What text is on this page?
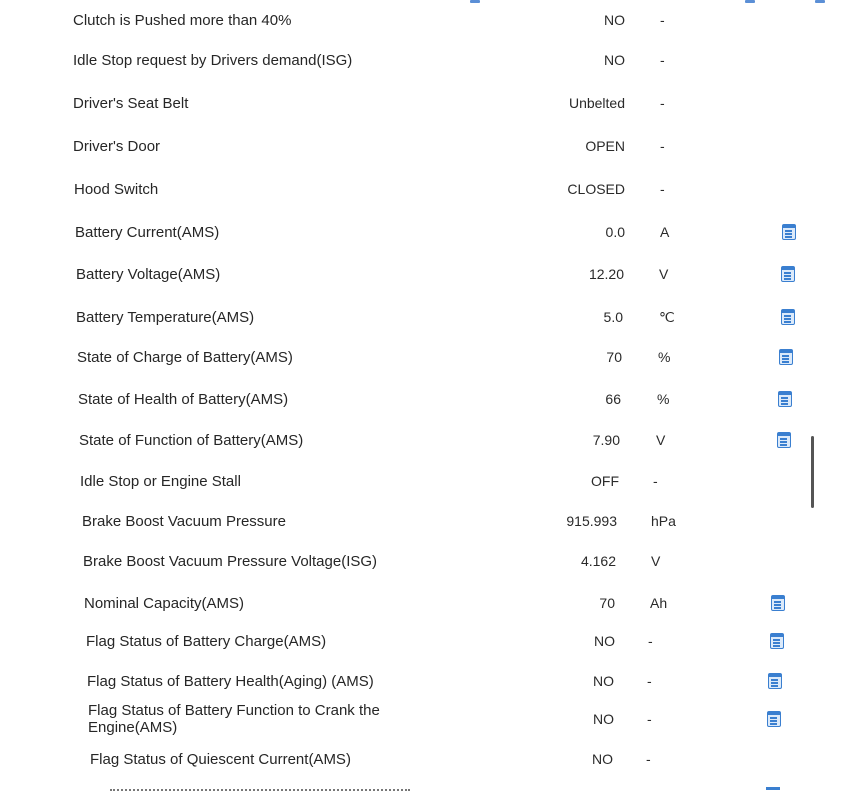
Clutch is Pushed more than 40%	NO	-
Idle Stop request by Drivers demand(ISG)	NO	-
Driver's Seat Belt	Unbelted	-
Driver's Door	OPEN	-
Hood Switch	CLOSED	-
Battery Current(AMS)	0.0	A
Battery Voltage(AMS)	12.20	V
Battery Temperature(AMS)	5.0	℃
State of Charge of Battery(AMS)	70	%
State of Health of Battery(AMS)	66	%
State of Function of Battery(AMS)	7.90	V
Idle Stop or Engine Stall	OFF -
Brake Boost Vacuum Pressure	915.993 hPa
Brake Boost Vacuum Pressure Voltage(ISG)	4.162	V
Nominal Capacity(AMS)	70	Ah
Flag Status of Battery Charge(AMS)	NO -
Flag Status of Battery Health(Aging) (AMS)	NO -
Flag Status of Battery Function to Crank the Engine(AMS)	NO -
Flag Status of Quiescent Current(AMS)	NO -
